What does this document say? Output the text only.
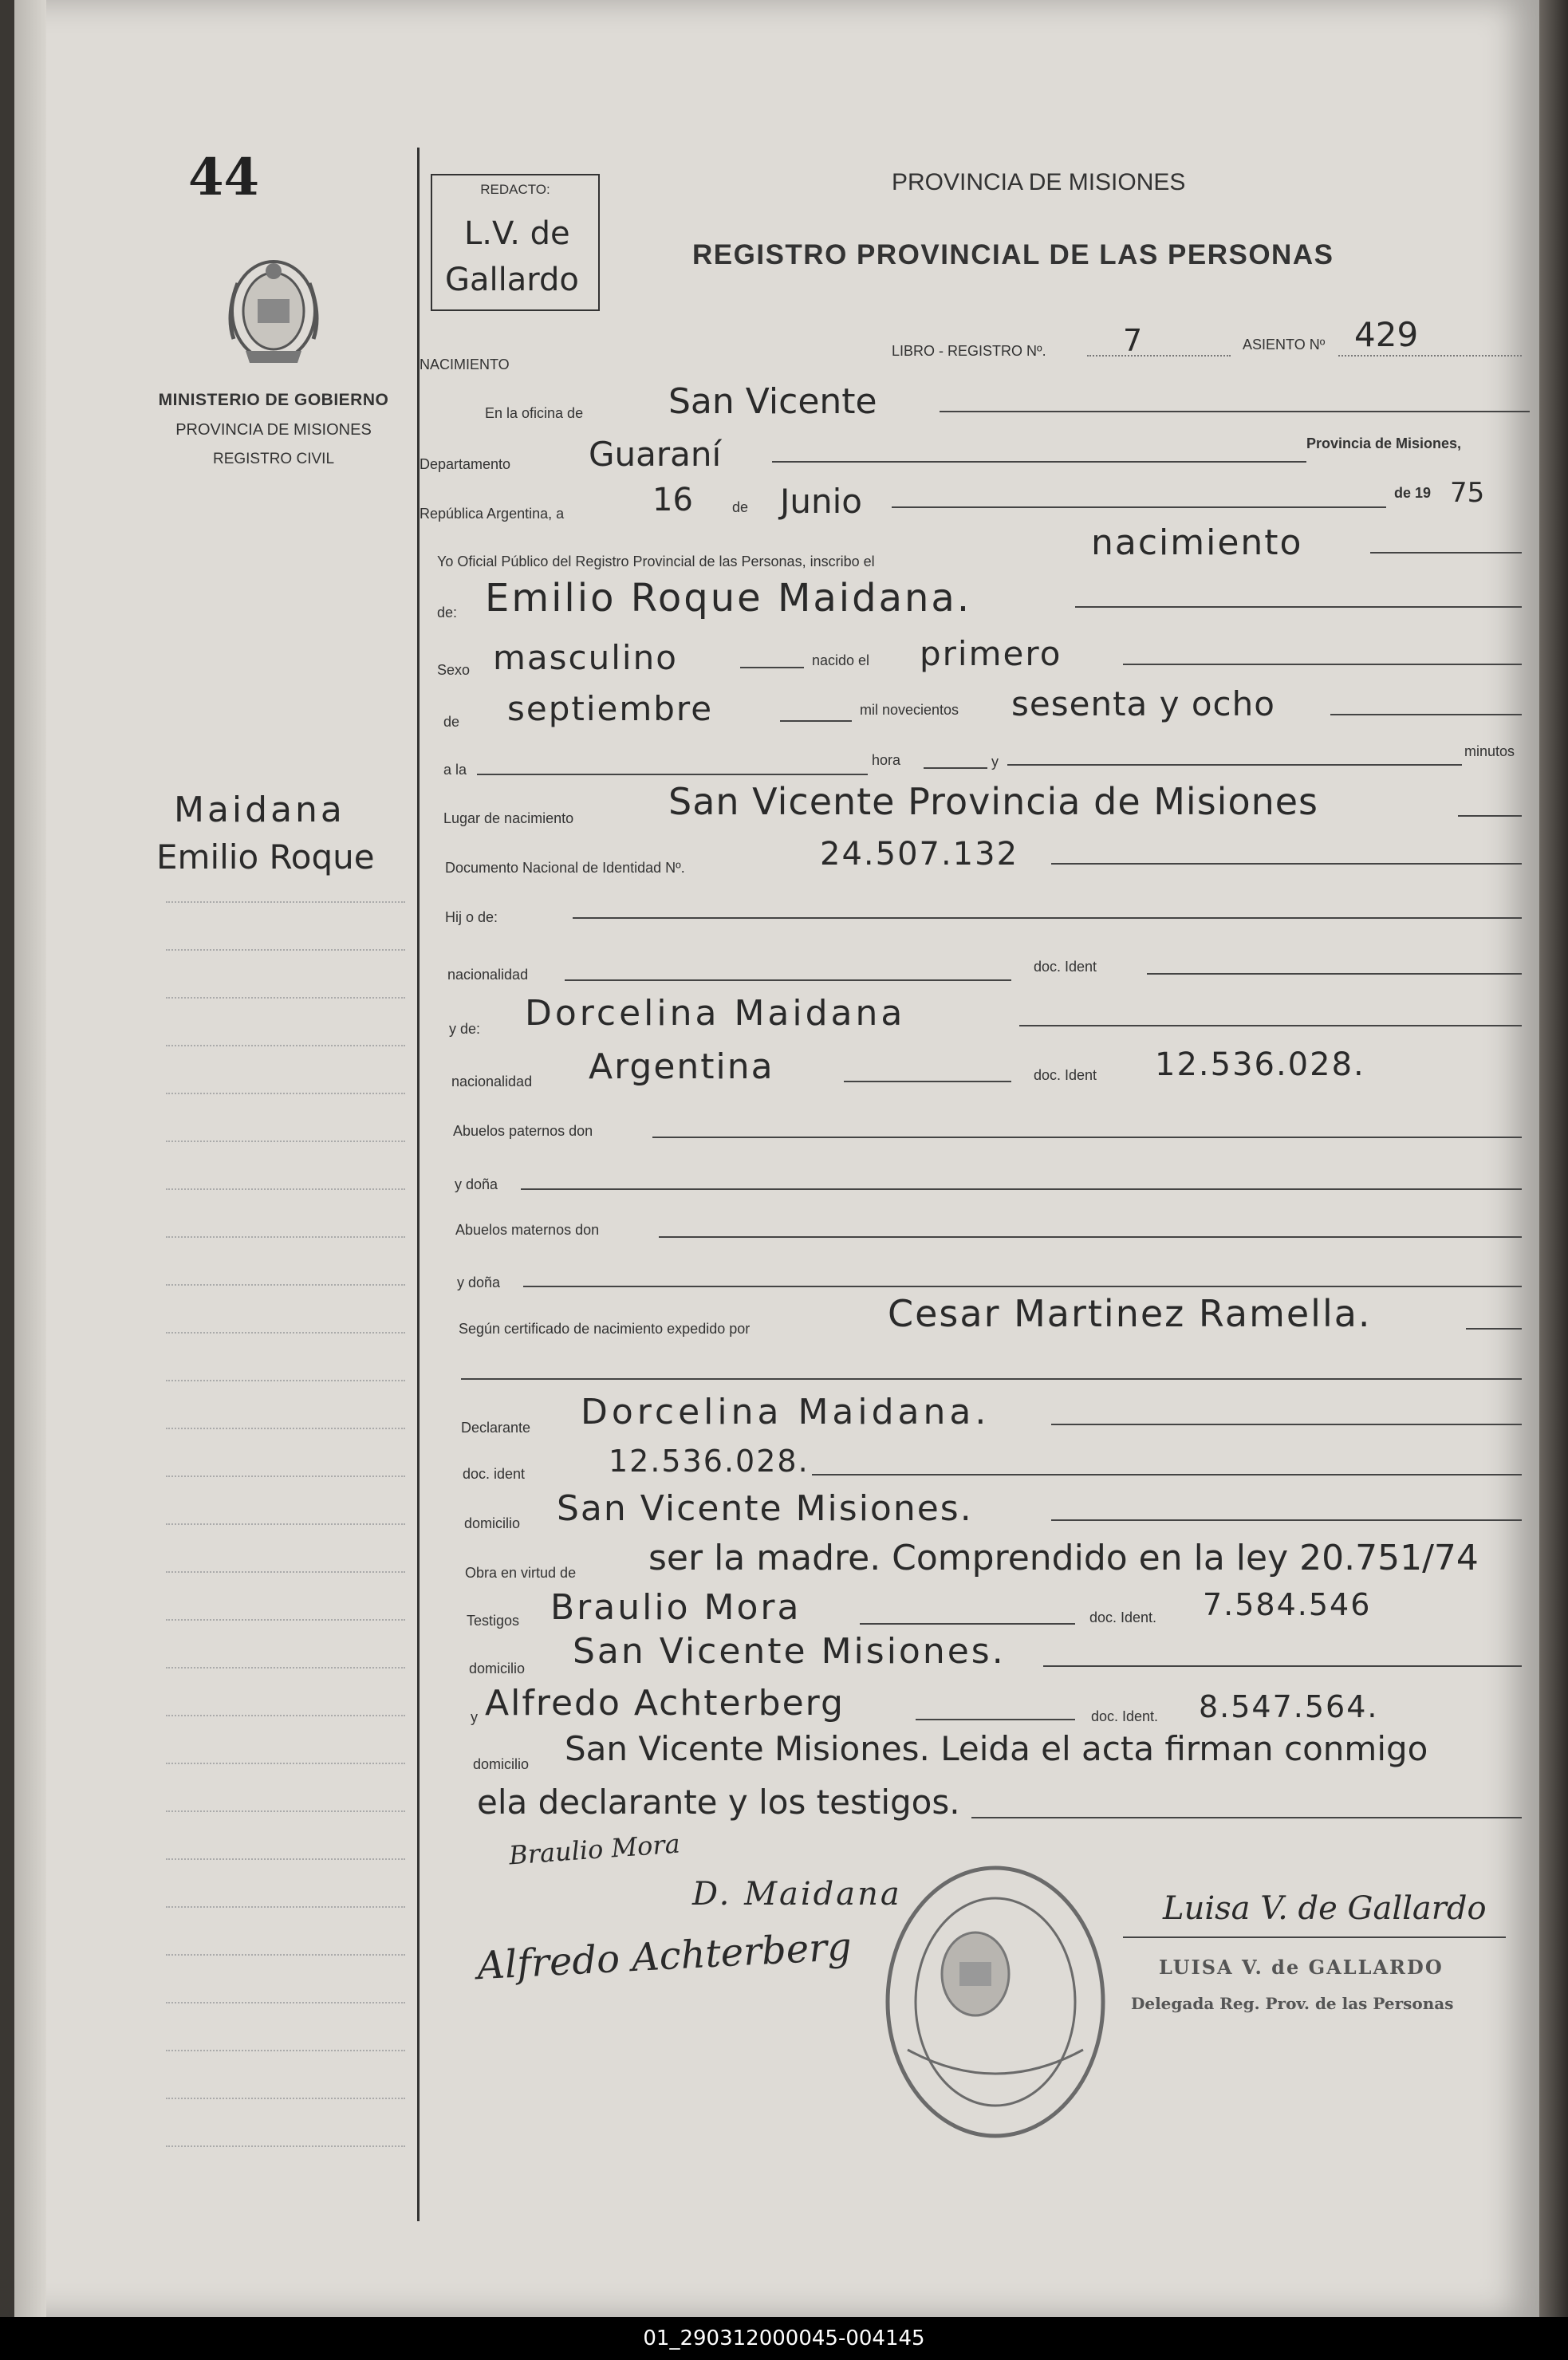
44
MINISTERIO DE GOBIERNO
PROVINCIA DE MISIONES
REGISTRO CIVIL
Maidana
Emilio Roque
REDACTO:
L.V. de
Gallardo
PROVINCIA DE MISIONES
REGISTRO PROVINCIAL DE LAS PERSONAS
NACIMIENTO
LIBRO - REGISTRO Nº.	7	ASIENTO Nº 429
En la oficina de San Vicente
Departamento Guaraní	Provincia de Misiones,
República Argentina, a	16	de Junio	de 19 75
Yo Oficial Público del Registro Provincial de las Personas, inscribo el	nacimiento
de: Emilio Roque Maidana.
Sexo masculino	nacido el primero
de septiembre	mil novecientos sesenta y ocho
a la
hora	y
minutos
Lugar de nacimiento	San Vicente Provincia de Misiones
Documento Nacional de Identidad Nº.	24.507.132
Hij o de:
nacionalidad	doc. Ident
y de: Dorcelina Maidana
nacionalidad Argentina	doc. Ident 12.536.028.
Abuelos paternos don
y doña
Abuelos maternos don
y doña
Según certificado de nacimiento expedido por	Cesar Martinez Ramella.
Declarante Dorcelina Maidana.
doc. ident	12.536.028.
domicilio San Vicente Misiones.
Obra en virtud de ser la madre. Comprendido en la ley 20.751/74
Testigos Braulio Mora	doc. Ident. 7.584.546
domicilio San Vicente Misiones.
y Alfredo Achterberg	doc. Ident. 8.547.564.
domicilio San Vicente Misiones. Leida el acta firman conmigo
ela declarante y los testigos.
Braulio Mora
D. Maidana
Alfredo Achterberg
Luisa V. de Gallardo
LUISA V. de GALLARDO
Delegada Reg. Prov. de las Personas
01_290312000045-004145
